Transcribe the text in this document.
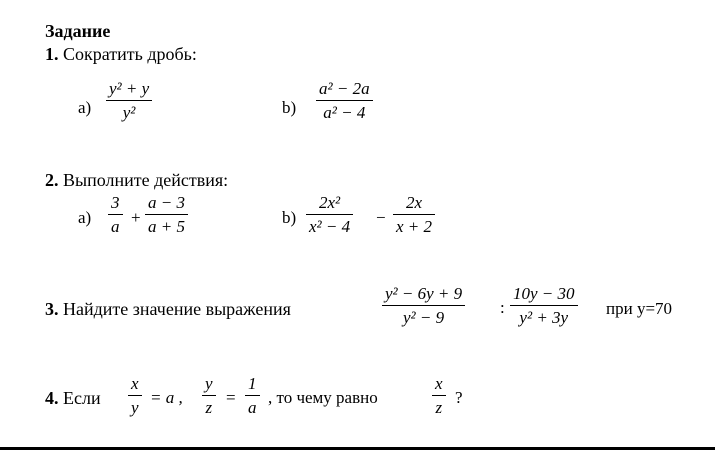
Задание
1. Сократить дробь:
a)
y² + y
y²	b)
a² − 2a
a² − 4
2. Выполните действия:
a)
3
a +
a − 3
a + 5	b)
2x²
x² − 4 −
2x
x + 2
3. Найдите значение выражения
y² − 6y + 9
y² − 9
:
10y − 30
y² + 3y при y=70
4. Если
x
y
= a ,
y
z
=
1
a
, то чему равно
x
z
?
